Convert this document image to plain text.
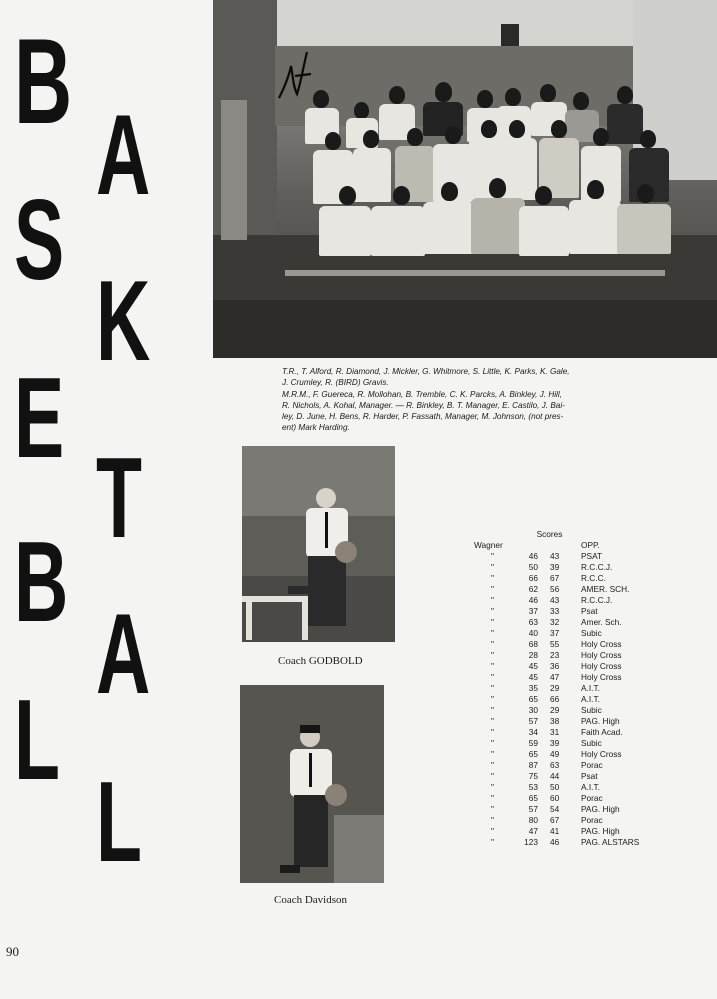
B
S
E
B
L
A
K
T
A
L

T.R., T. Alford, R. Diamond, J. Mickler, G. Whitmore, S. Little, K. Parks, K. Gale,

J. Crumley, R. (BIRD) Gravis.

M.R.M., F. Guereca, R. Mollohan, B. Tremble, C. K. Parcks, A. Binkley, J. Hill,

R. Nichols, A. Kohal, Manager. — R. Binkley, B. T. Manager, E. Castilo, J. Bai-

ley, D. June, H. Bens, R. Harder, P. Fassath, Manager, M. Johnson, (not pres-

ent) Mark Harding.

Coach GODBOLD
Coach Davidson
	Scores		
Wagner			OPP.
"	46	43	PSAT
"	50	39	R.C.C.J.
"	66	67	R.C.C.
"	62	56	AMER. SCH.
"	46	43	R.C.C.J.
"	37	33	Psat
"	63	32	Amer. Sch.
"	40	37	Subic
"	68	55	Holy Cross
"	28	23	Holy Cross
"	45	36	Holy Cross
"	45	47	Holy Cross
"	35	29	A.I.T.
"	65	66	A.I.T.
"	30	29	Subic
"	57	38	PAG. High
"	34	31	Faith Acad.
"	59	39	Subic
"	65	49	Holy Cross
"	87	63	Porac
"	75	44	Psat
"	53	50	A.I.T.
"	65	60	Porac
"	57	54	PAG. High
"	80	67	Porac
"	47	41	PAG. High
"	123	46	PAG. ALSTARS
90
